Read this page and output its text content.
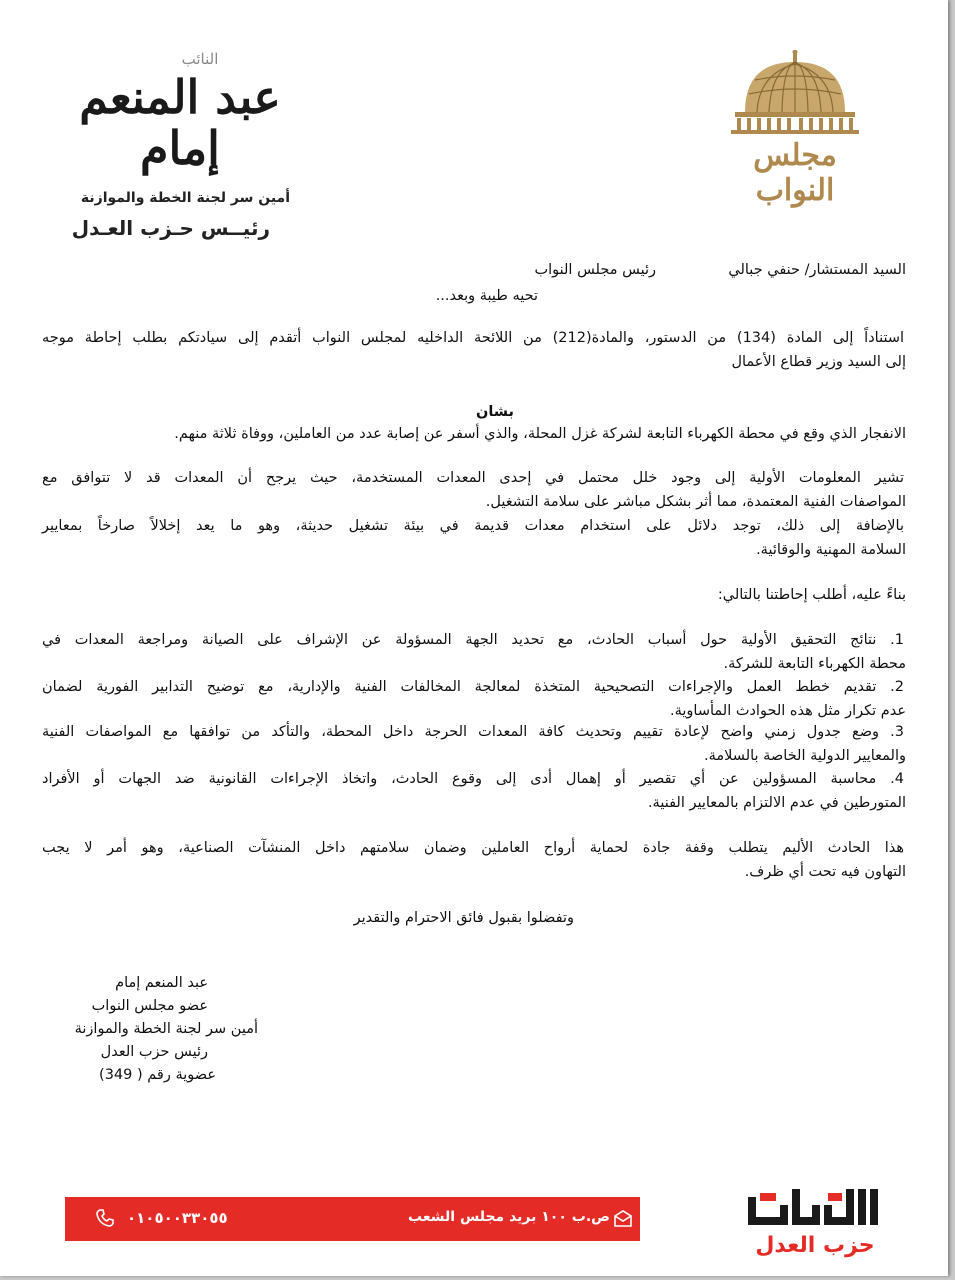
مجلس النواب
النائب
عبد المنعم إمام
أمين سر لجنة الخطة والموازنة
رئيــس حـزب العـدل
السيد المستشار/ حنفي جبالي
رئيس مجلس النواب
تحيه طيبة وبعد...
استناداً إلى المادة (134) من الدستور، والمادة(212) من اللائحة الداخليه لمجلس النواب أتقدم إلى سيادتكم بطلب إحاطة موجه
إلى السيد وزير قطاع الأعمال
بشان
الانفجار الذي وقع في محطة الكهرباء التابعة لشركة غزل المحلة، والذي أسفر عن إصابة عدد من العاملين، ووفاة ثلاثة منهم.
تشير المعلومات الأولية إلى وجود خلل محتمل في إحدى المعدات المستخدمة، حيث يرجح أن المعدات قد لا تتوافق مع
المواصفات الفنية المعتمدة، مما أثر بشكل مباشر على سلامة التشغيل.
بالإضافة إلى ذلك، توجد دلائل على استخدام معدات قديمة في بيئة تشغيل حديثة، وهو ما يعد إخلالاً صارخاً بمعايير
السلامة المهنية والوقائية.
بناءً عليه، أطلب إحاطتنا بالتالي:
1. نتائج التحقيق الأولية حول أسباب الحادث، مع تحديد الجهة المسؤولة عن الإشراف على الصيانة ومراجعة المعدات في
محطة الكهرباء التابعة للشركة.
2. تقديم خطط العمل والإجراءات التصحيحية المتخذة لمعالجة المخالفات الفنية والإدارية، مع توضيح التدابير الفورية لضمان
عدم تكرار مثل هذه الحوادث المأساوية.
3. وضع جدول زمني واضح لإعادة تقييم وتحديث كافة المعدات الحرجة داخل المحطة، والتأكد من توافقها مع المواصفات الفنية
والمعايير الدولية الخاصة بالسلامة.
4. محاسبة المسؤولين عن أي تقصير أو إهمال أدى إلى وقوع الحادث، واتخاذ الإجراءات القانونية ضد الجهات أو الأفراد
المتورطين في عدم الالتزام بالمعايير الفنية.
هذا الحادث الأليم يتطلب وقفة جادة لحماية أرواح العاملين وضمان سلامتهم داخل المنشآت الصناعية، وهو أمر لا يجب
التهاون فيه تحت أي ظرف.
وتفضلوا بقبول فائق الاحترام والتقدير
عبد المنعم إمام
عضو مجلس النواب
أمين سر لجنة الخطة والموازنة
رئيس حزب العدل
عضوية رقم ( 349)
٠١٠٥٠٠٣٣٠٥٥	ص.ب ١٠٠ بريد مجلس الشعب
حزب العدل
